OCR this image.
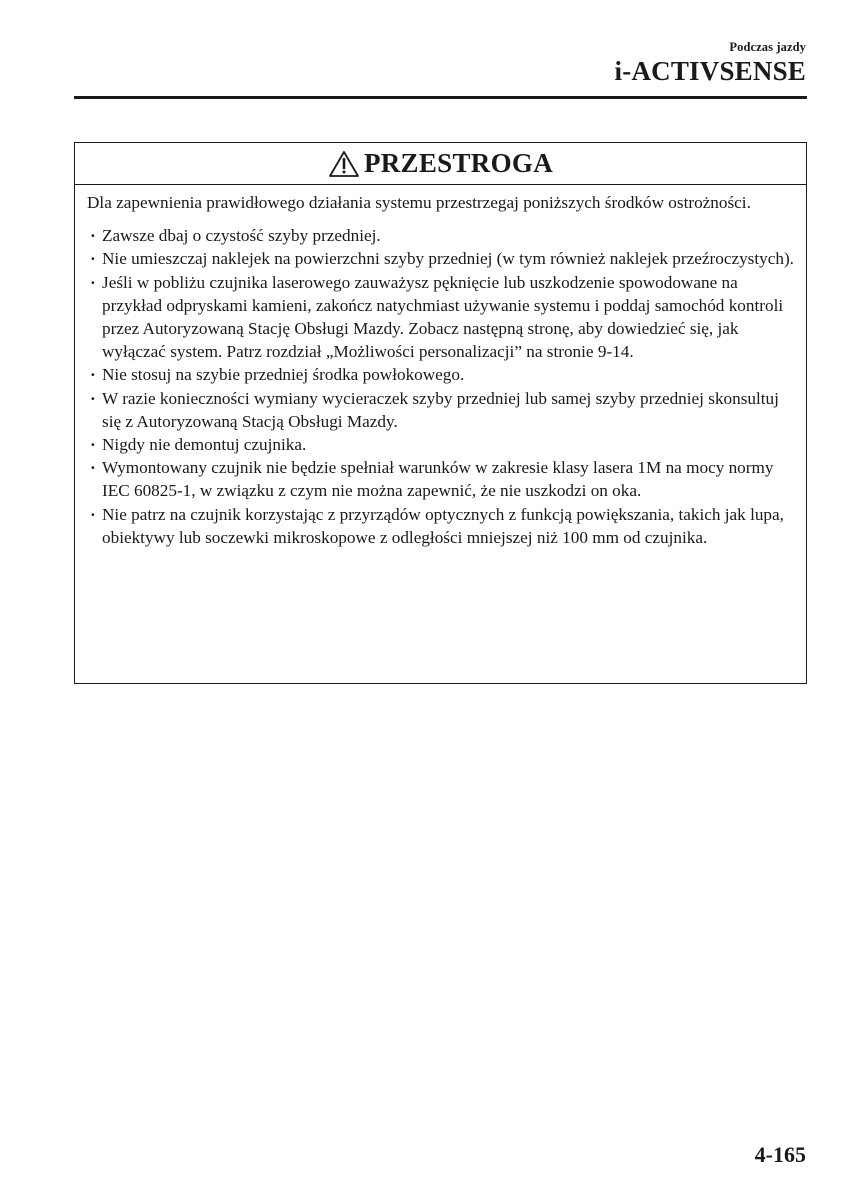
Podczas jazdy
i-ACTIVSENSE
PRZESTROGA

Dla zapewnienia prawidłowego działania systemu przestrzegaj poniższych środków ostrożności.

· Zawsze dbaj o czystość szyby przedniej.
· Nie umieszczaj naklejek na powierzchni szyby przedniej (w tym również naklejek przeźroczystych).
· Jeśli w pobliżu czujnika laserowego zauważysz pęknięcie lub uszkodzenie spowodowane na przykład odpryskami kamieni, zakończ natychmiast używanie systemu i poddaj samochód kontroli przez Autoryzowaną Stację Obsługi Mazdy. Zobacz następną stronę, aby dowiedzieć się, jak wyłączać system. Patrz rozdział „Możliwości personalizacji” na stronie 9-14.
· Nie stosuj na szybie przedniej środka powłokowego.
· W razie konieczności wymiany wycieraczek szyby przedniej lub samej szyby przedniej skonsultuj się z Autoryzowaną Stacją Obsługi Mazdy.
· Nigdy nie demontuj czujnika.
· Wymontowany czujnik nie będzie spełniał warunków w zakresie klasy lasera 1M na mocy normy IEC 60825-1, w związku z czym nie można zapewnić, że nie uszkodzi on oka.
· Nie patrz na czujnik korzystając z przyrządów optycznych z funkcją powiększania, takich jak lupa, obiektywy lub soczewki mikroskopowe z odległości mniejszej niż 100 mm od czujnika.
4-165
